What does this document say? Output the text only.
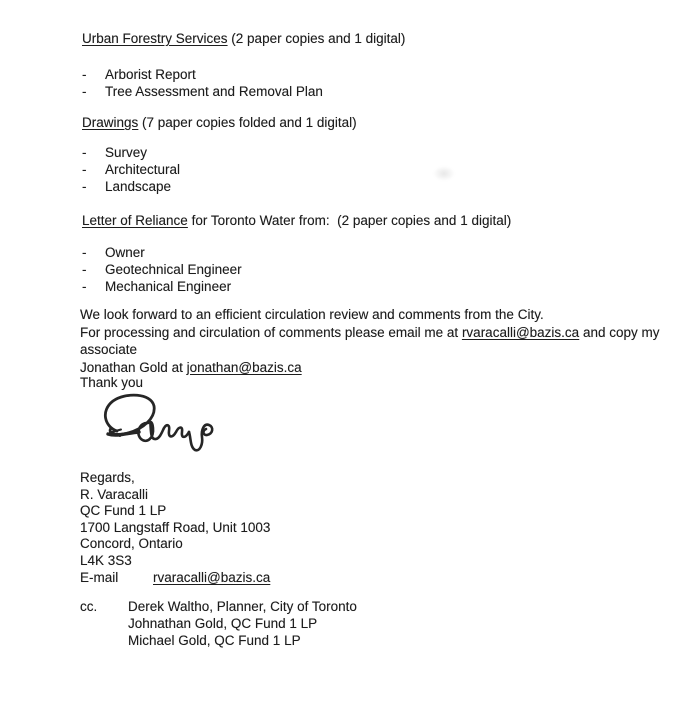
Urban Forestry Services (2 paper copies and 1 digital)
- Arborist Report
- Tree Assessment and Removal Plan
Drawings (7 paper copies folded and 1 digital)
- Survey
- Architectural
- Landscape
Letter of Reliance for Toronto Water from:  (2 paper copies and 1 digital)
- Owner
- Geotechnical Engineer
- Mechanical Engineer
We look forward to an efficient circulation review and comments from the City.
For processing and circulation of comments please email me at rvaracalli@bazis.ca and copy my associate
Jonathan Gold at jonathan@bazis.ca
Thank you
Regards,
R. Varacalli
QC Fund 1 LP
1700 Langstaff Road, Unit 1003
Concord, Ontario
L4K 3S3
E-mail	rvaracalli@bazis.ca
cc. Derek Waltho, Planner, City of Toronto
Johnathan Gold, QC Fund 1 LP
Michael Gold, QC Fund 1 LP
